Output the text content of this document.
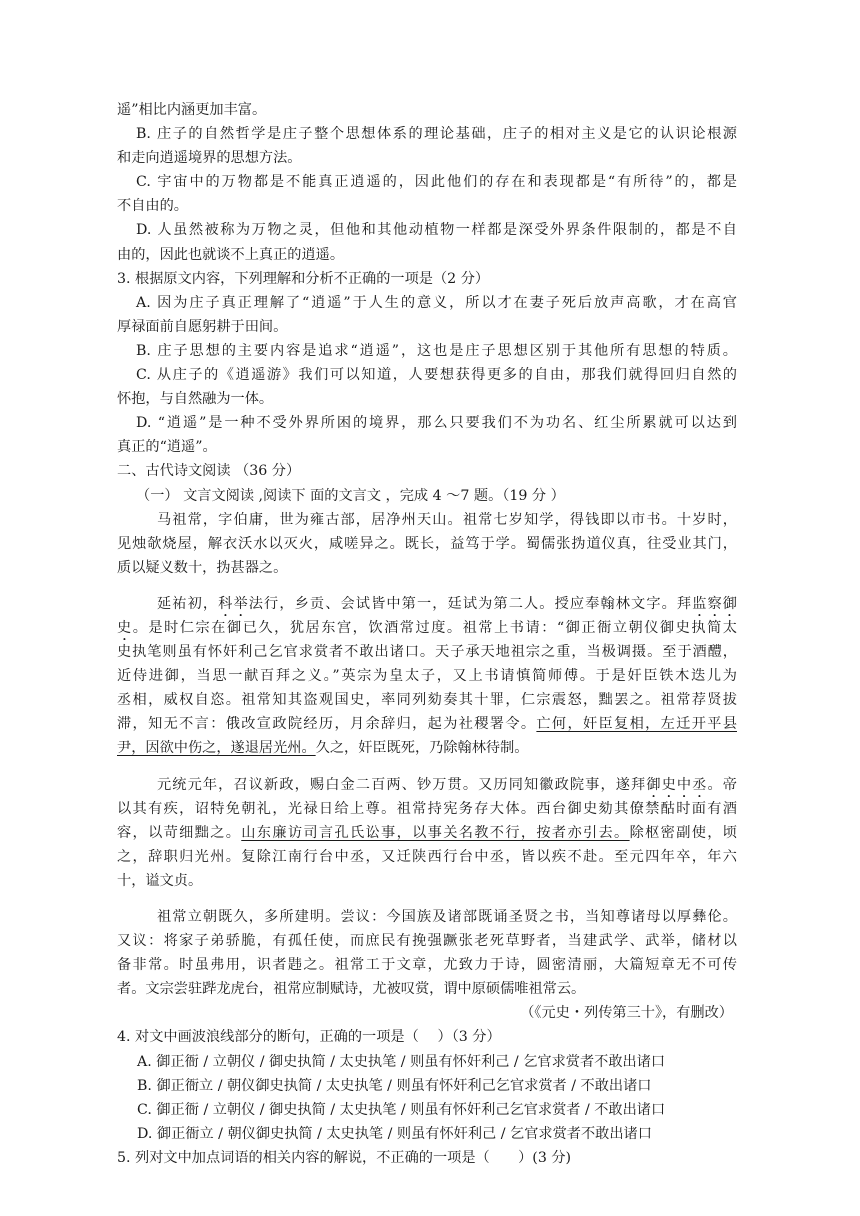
遥”相比内涵更加丰富。
B. 庄子的自然哲学是庄子整个思想体系的理论基础，庄子的相对主义是它的认识论根源
和走向逍遥境界的思想方法。
C. 宇宙中的万物都是不能真正逍遥的，因此他们的存在和表现都是“有所待”的，都是
不自由的。
D. 人虽然被称为万物之灵，但他和其他动植物一样都是深受外界条件限制的，都是不自
由的，因此也就谈不上真正的逍遥。
3. 根据原文内容，下列理解和分析不正确的一项是（2 分）
A. 因为庄子真正理解了“逍遥”于人生的意义，所以才在妻子死后放声高歌，才在高官
厚禄面前自愿躬耕于田间。
B. 庄子思想的主要内容是追求“逍遥”，这也是庄子思想区别于其他所有思想的特质。
C. 从庄子的《逍遥游》我们可以知道，人要想获得更多的自由，那我们就得回归自然的
怀抱，与自然融为一体。
D. “逍遥”是一种不受外界所困的境界，那么只要我们不为功名、红尘所累就可以达到
真正的“逍遥”。
二、古代诗文阅读 （36 分）
（一） 文言文阅读 ,阅读下 面的文言文 ，完成 4 ～7 题。（19 分 ）
马祖常，字伯庸，世为雍古部，居净州天山。祖常七岁知学，得钱即以市书。十岁时，
见烛欹烧屋，解衣沃水以灭火，咸嗟异之。既长，益笃于学。蜀儒张㧑道仪真，往受业其门，
质以疑义数十，㧑甚器之。
延祐初，科举法行，乡贡、会试皆中第一，廷试为第二人。授应奉翰林文字。拜监察御
史。是时仁宗在御已久，犹居东宫，饮酒常过度。祖常上书请：“御正衙立朝仪御史执简太
史执笔则虽有怀奸利己乞官求赏者不敢出诸口。天子承天地祖宗之重，当极调摄。至于酒醴，
近侍进御，当思一献百拜之义。”英宗为皇太子，又上书请慎简师傅。于是奸臣铁木迭儿为
丞相，威权自恣。祖常知其盗观国史，率同列劾奏其十罪，仁宗震怒，黜罢之。祖常荐贤拔
滞，知无不言：俄改宣政院经历，月余辞归，起为社稷署令。亡何，奸臣复相，左迁开平县
尹，因欲中伤之，遂退居光州。久之，奸臣既死，乃除翰林待制。
元统元年，召议新政，赐白金二百两、钞万贯。又历同知徽政院事，遂拜御史中丞。帝
以其有疾，诏特免朝礼，光禄日给上尊。祖常持宪务存大体。西台御史劾其僚禁酤时面有酒
容，以苛细黜之。山东廉访司言孔氏讼事，以事关名教不行，按者亦引去。除枢密副使，顷
之，辞职归光州。复除江南行台中丞，又迁陕西行台中丞，皆以疾不赴。至元四年卒，年六
十，谥文贞。
祖常立朝既久，多所建明。尝议：今国族及诸部既诵圣贤之书，当知尊诸母以厚彝伦。
又议：将家子弟骄脆，有孤任使，而庶民有挽强蹶张老死草野者，当建武学、武举，储材以
备非常。时虽弗用，识者韪之。祖常工于文章，尤致力于诗，圆密清丽，大篇短章无不可传
者。文宗尝驻跸龙虎台，祖常应制赋诗，尤被叹赏，谓中原硕儒唯祖常云。
（《元史・列传第三十》，有删改）
4. 对文中画波浪线部分的断句，正确的一项是（　 ）（3 分）
A. 御正衙 / 立朝仪 / 御史执简 / 太史执笔 / 则虽有怀奸利己 / 乞官求赏者不敢出诸口
B. 御正衙立 / 朝仪御史执简 / 太史执笔 / 则虽有怀奸利己乞官求赏者 / 不敢出诸口
C. 御正衙 / 立朝仪 / 御史执简 / 太史执笔 / 则虽有怀奸利己乞官求赏者 / 不敢出诸口
D. 御正衙立 / 朝仪御史执简 / 太史执笔 / 则虽有怀奸利己 / 乞官求赏者不敢出诸口
5. 列对文中加点词语的相关内容的解说，不正确的一项是（　　）(3 分)
